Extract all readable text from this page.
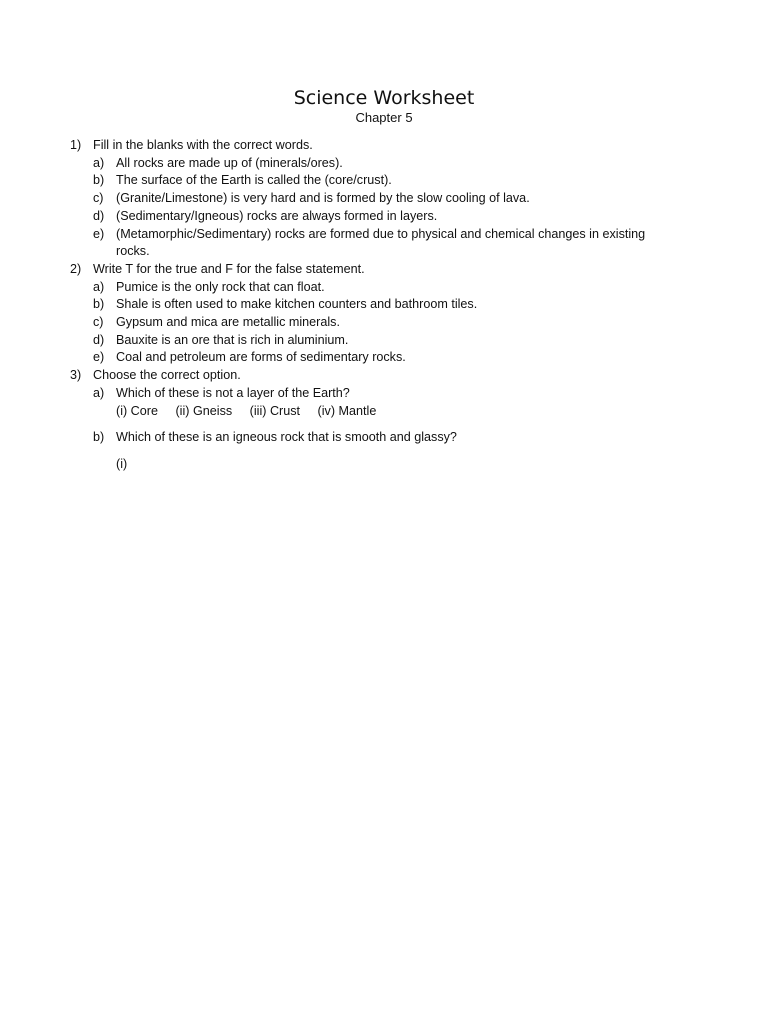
Science Worksheet
Chapter 5
1) Fill in the blanks with the correct words.
a) All rocks are made up of (minerals/ores).
b) The surface of the Earth is called the (core/crust).
c) (Granite/Limestone) is very hard and is formed by the slow cooling of lava.
d) (Sedimentary/Igneous) rocks are always formed in layers.
e) (Metamorphic/Sedimentary) rocks are formed due to physical and chemical changes in existing rocks.
2) Write T for the true and F for the false statement.
a) Pumice is the only rock that can float.
b) Shale is often used to make kitchen counters and bathroom tiles.
c) Gypsum and mica are metallic minerals.
d) Bauxite is an ore that is rich in aluminium.
e) Coal and petroleum are forms of sedimentary rocks.
3) Choose the correct option.
a) Which of these is not a layer of the Earth?
(i) Core (ii) Gneiss (iii) Crust (iv) Mantle
b) Which of these is an igneous rock that is smooth and glassy?
(i)
